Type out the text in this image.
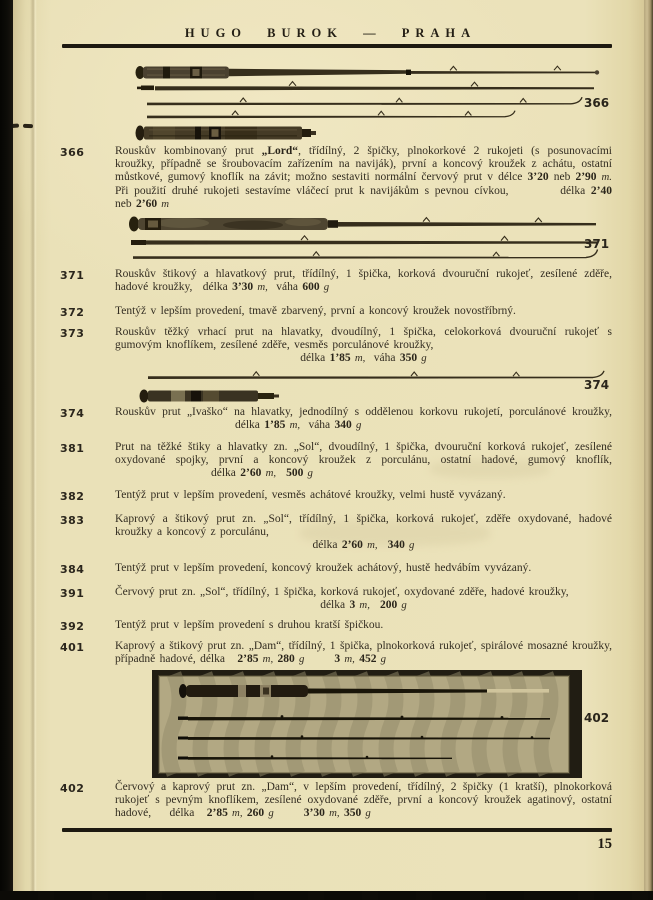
HUGO BUROK — PRAHA
366
371
374
402
366	Rouskův kombinovaný prut „Lord“, třídílný, 2 špičky, plnokorkové 2 rukojeti (s posunovacími kroužky, případně se šroubovacím zařízením na naviják), první a koncový kroužek z achátu, ostatní můstkové, gumový knoflík na závit; možno sestaviti normální červový prut v délce 3’20 neb 2’90 m. Při použití druhé rukojeti sestavíme vláčecí prut k navijákům s pevnou cívkou,	délka 2’40 neb 2’60 m
371	Rouskův štikový a hlavatkový prut, třídílný, 1 špička, korková dvouruční rukojeť, zesílené zděře, hadové kroužky, délka 3’30 m, váha 600 g
372	Tentýž v lepším provedení, tmavě zbarvený, první a koncový kroužek novostříbrný.
373	Rouskův těžký vrhací prut na hlavatky, dvoudílný, 1 špička, celokorková dvouruční rukojeť s gumovým knoflíkem, zesílené zděře, vesměs porculánové kroužky,
délka 1’85 m, váha 350 g
374	Rouskův prut „Ivaško“ na hlavatky, jednodílný s oddělenou korkovu rukojetí, porculánové kroužky, délka 1’85 m, váha 340 g
381	Prut na těžké štiky a hlavatky zn. „Sol“, dvoudílný, 1 špička, dvouruční korková rukojeť, zesílené oxydované spojky, první a koncový kroužek z porculánu, ostatní hadové, gumový knoflík, délka 2’60 m, 500 g
382	Tentýž prut v lepším provedení, vesměs achátové kroužky, velmi hustě vyvázaný.
383	Kaprový a štikový prut zn. „Sol“, třídílný, 1 špička, korková rukojeť, zděře oxydované, hadové kroužky a koncový z porculánu,
délka 2’60 m, 340 g
384	Tentýž prut v lepším provedení, koncový kroužek achátový, hustě hedvábím vyvázaný.
391	Červový prut zn. „Sol“, třídílný, 1 špička, korková rukojeť, oxydované zděře, hadové kroužky,
délka 3 m, 200 g
392	Tentýž prut v lepším provedení s druhou kratší špičkou.
401	Kaprový a štikový prut zn. „Dam“, třídílný, 1 špička, plnokorková rukojeť, spirálové mosazné kroužky, případně hadové, délka 2’85 m, 280 g	3 m, 452 g
402	Červový a kaprový prut zn. „Dam“, v lepším provedení, třídílný, 2 špičky (1 kratší), plnokorková rukojeť s pevným knoflíkem, zesílené oxydované zděře, první a koncový kroužek agatinový, ostatní hadové, délka 2’85 m, 260 g	3’30 m, 350 g
15
